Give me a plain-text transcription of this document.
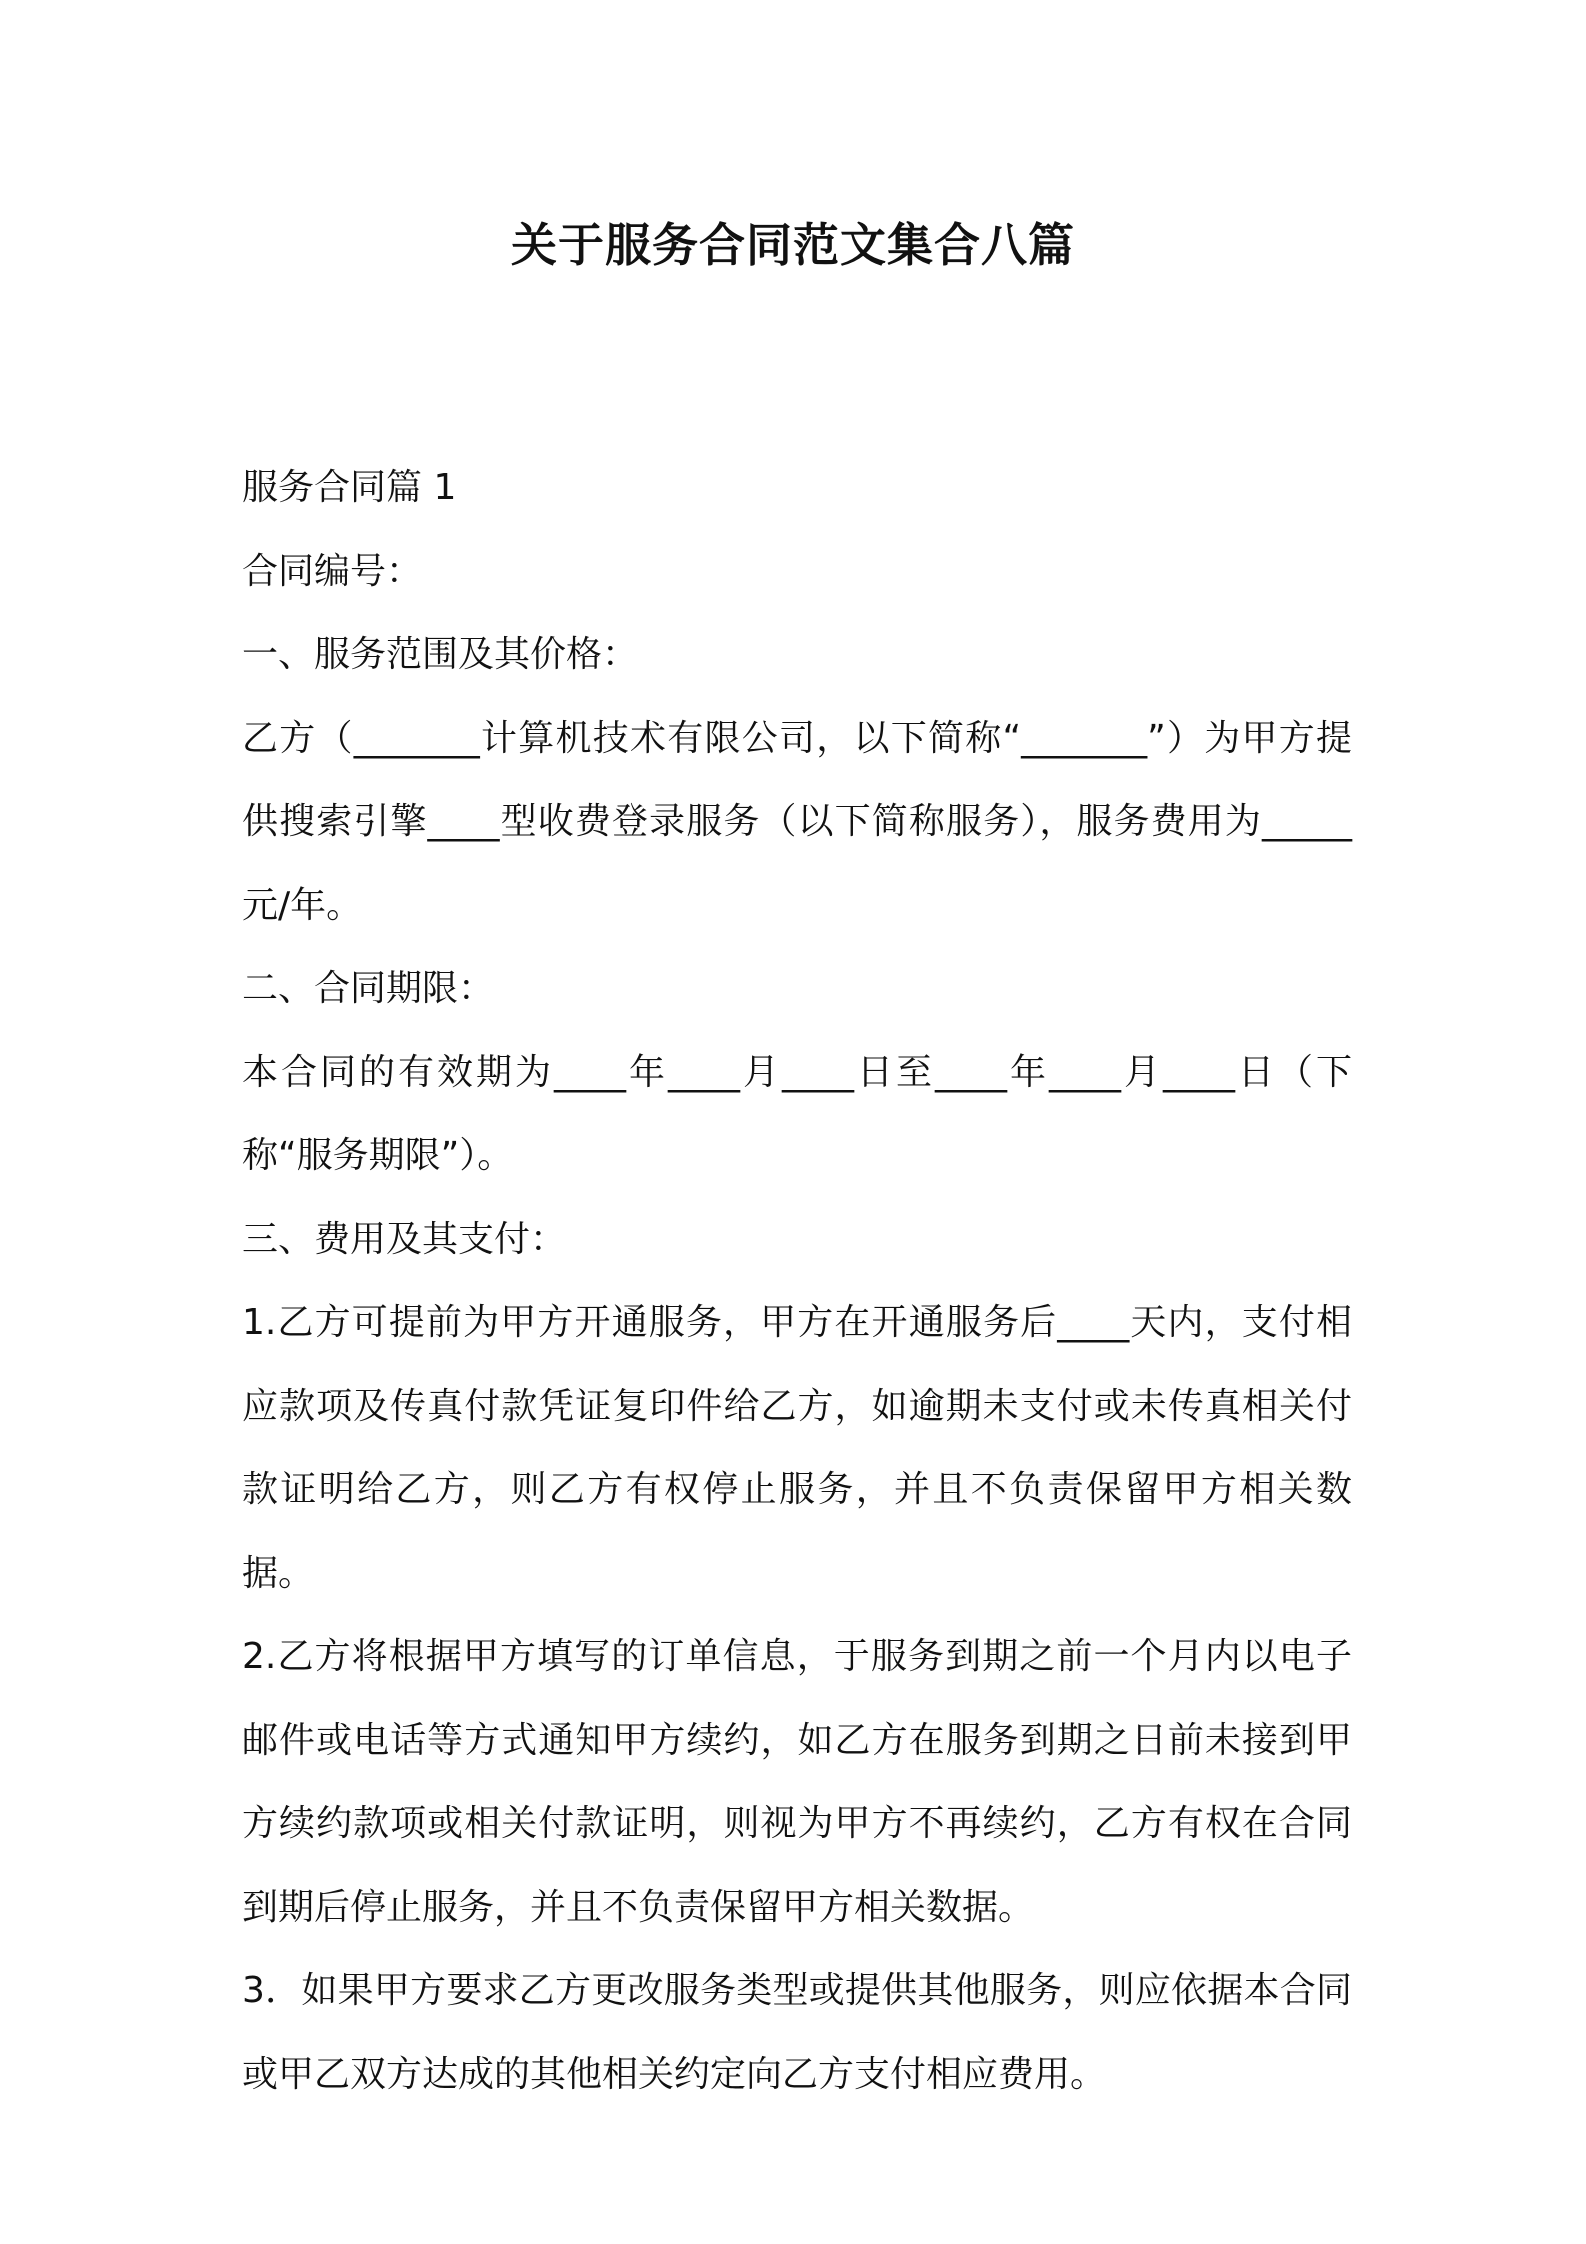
关于服务合同范文集合八篇

服务合同篇 1

合同编号：

一、服务范围及其价格：

乙方（_______计算机技术有限公司，以下简称“_______”）为甲方提供搜索引擎____型收费登录服务（以下简称服务），服务费用为_____元/年。

二、合同期限：

本合同的有效期为____年____月____日至____年____月____日（下称“服务期限”）。

三、费用及其支付：

1.乙方可提前为甲方开通服务，甲方在开通服务后____天内，支付相应款项及传真付款凭证复印件给乙方，如逾期未支付或未传真相关付款证明给乙方，则乙方有权停止服务，并且不负责保留甲方相关数据。

2.乙方将根据甲方填写的订单信息，于服务到期之前一个月内以电子邮件或电话等方式通知甲方续约，如乙方在服务到期之日前未接到甲方续约款项或相关付款证明，则视为甲方不再续约，乙方有权在合同到期后停止服务，并且不负责保留甲方相关数据。

3．如果甲方要求乙方更改服务类型或提供其他服务，则应依据本合同或甲乙双方达成的其他相关约定向乙方支付相应费用。
